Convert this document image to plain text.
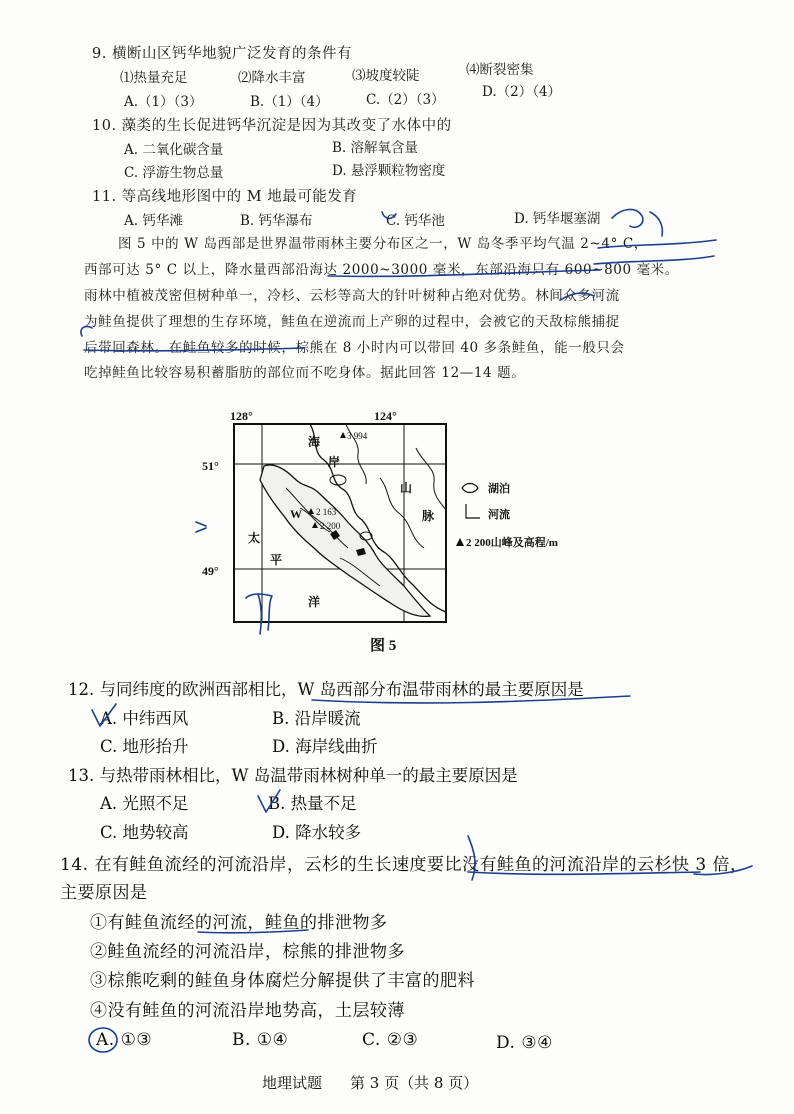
9. 横断山区钙华地貌广泛发育的条件有
⑴热量充足	⑵降水丰富	⑶坡度较陡	⑷断裂密集
A.（1）（3）	B.（1）（4）	C.（2）（3）	D.（2）（4）
10. 藻类的生长促进钙华沉淀是因为其改变了水体中的
A. 二氧化碳含量	B. 溶解氧含量
C. 浮游生物总量	D. 悬浮颗粒物密度
11. 等高线地形图中的 M 地最可能发育
A. 钙华滩	B. 钙华瀑布	C. 钙华池	D. 钙华堰塞湖
图 5 中的 W 岛西部是世界温带雨林主要分布区之一，W 岛冬季平均气温 2~4° C，
西部可达 5° C 以上，降水量西部沿海达 2000~3000 毫米，东部沿海只有 600~800 毫米。
雨林中植被茂密但树种单一，冷杉、云杉等高大的针叶树种占绝对优势。林间众多河流
为鲑鱼提供了理想的生存环境，鲑鱼在逆流而上产卵的过程中，会被它的天敌棕熊捕捉
后带回森林。在鲑鱼较多的时候，棕熊在 8 小时内可以带回 40 多条鲑鱼，能一般只会
吃掉鲑鱼比较容易积蓄脂肪的部位而不吃身体。据此回答 12—14 题。
3 994
2 163
2 200
128°	124°
51°
49°
海
岸
山
脉
太
平
洋
W
湖泊
河流
2 200山峰及高程/m
图 5
12. 与同纬度的欧洲西部相比，W 岛西部分布温带雨林的最主要原因是
A. 中纬西风	B. 沿岸暖流
C. 地形抬升	D. 海岸线曲折
13. 与热带雨林相比，W 岛温带雨林树种单一的最主要原因是
A. 光照不足	B. 热量不足
C. 地势较高	D. 降水较多
14. 在有鲑鱼流经的河流沿岸，云杉的生长速度要比没有鲑鱼的河流沿岸的云杉快 3 倍，
主要原因是
①有鲑鱼流经的河流，鲑鱼的排泄物多
②鲑鱼流经的河流沿岸，棕熊的排泄物多
③棕熊吃剩的鲑鱼身体腐烂分解提供了丰富的肥料
④没有鲑鱼的河流沿岸地势高，土层较薄
A. ①③	B. ①④	C. ②③	D. ③④
地理试题 第 3 页（共 8 页）
